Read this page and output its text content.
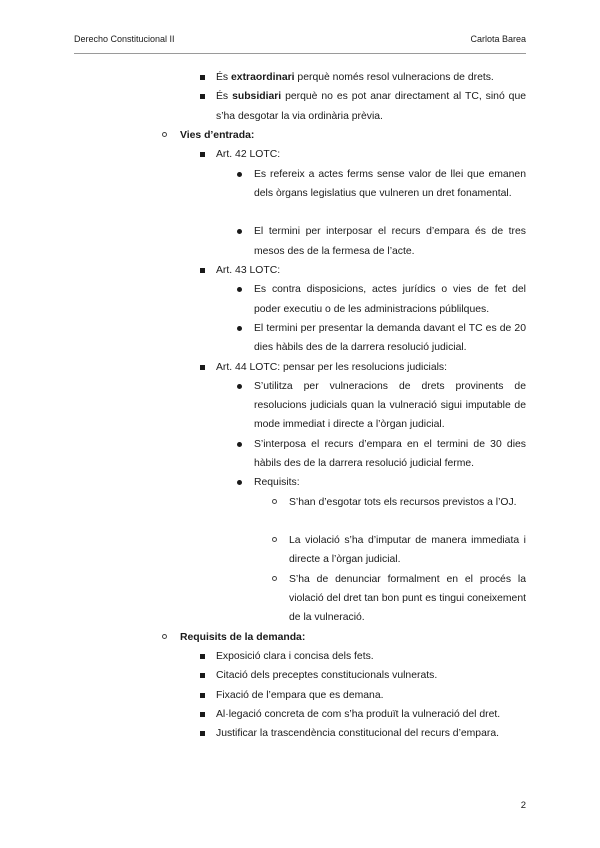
Derecho Constitucional II	Carlota Barea
És extraordinari perquè només resol vulneracions de drets.
És subsidiari perquè no es pot anar directament al TC, sinó que s’ha desgotar la via ordinària prèvia.
Vies d’entrada:
Art. 42 LOTC:
Es refereix a actes ferms sense valor de llei que emanen dels òrgans legislatius que vulneren un dret fonamental.
El termini per interposar el recurs d’empara és de tres mesos des de la fermesa de l’acte.
Art. 43 LOTC:
Es contra disposicions, actes jurídics o vies de fet del poder executiu o de les administracions públilques.
El termini per presentar la demanda davant el TC es de 20 dies hàbils des de la darrera resolució judicial.
Art. 44 LOTC: pensar per les resolucions judicials:
S’utilitza per vulneracions de drets provinents de resolucions judicials quan la vulneració sigui imputable de mode immediat i directe a l’òrgan judicial.
S’interposa el recurs d’empara en el termini de 30 dies hàbils des de la darrera resolució judicial ferme.
Requisits:
S’han d’esgotar tots els recursos previstos a l’OJ.
La violació s’ha d’imputar de manera immediata i directe a l’òrgan judicial.
S’ha de denunciar formalment en el procés la violació del dret tan bon punt es tingui coneixement de la vulneració.
Requisits de la demanda:
Exposició clara i concisa dels fets.
Citació dels preceptes constitucionals vulnerats.
Fixació de l’empara que es demana.
Al·legació concreta de com s’ha produït la vulneració del dret.
Justificar la trascendència constitucional del recurs d’empara.
2
